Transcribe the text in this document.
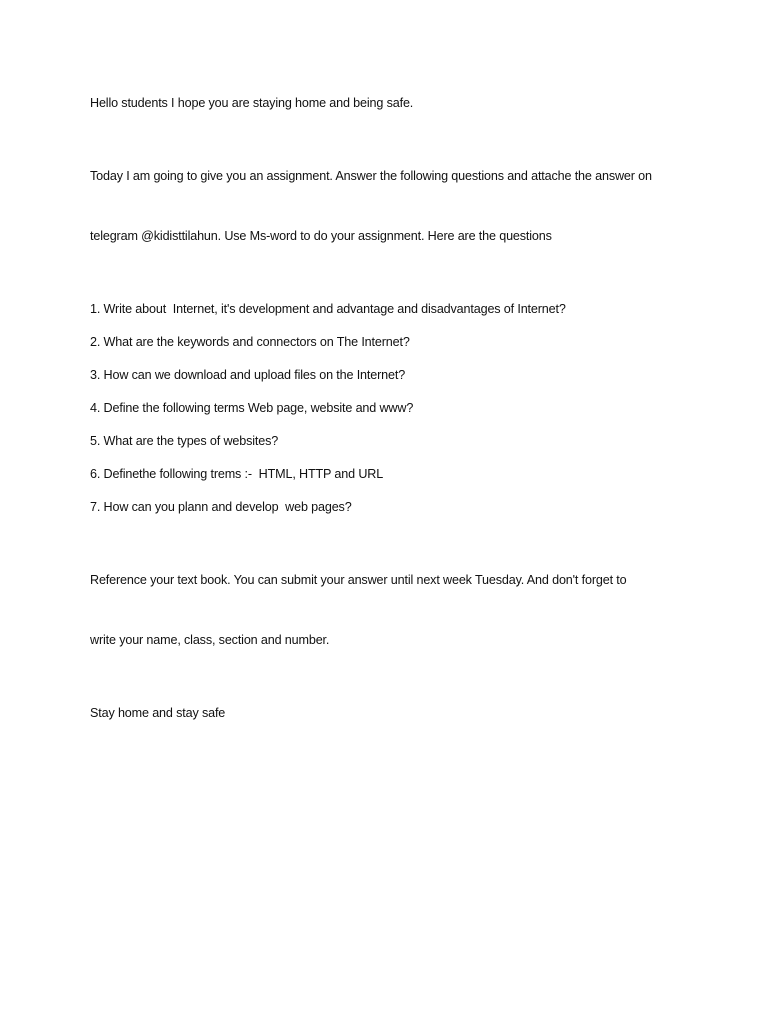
Hello students I hope you are staying home and being safe.

Today I am going to give you an assignment. Answer the following questions and attache the answer on

telegram @kidisttilahun. Use Ms-word to do your assignment. Here are the questions

1. Write about  Internet, it's development and advantage and disadvantages of Internet?

2. What are the keywords and connectors on The Internet?

3. How can we download and upload files on the Internet?

4. Define the following terms Web page, website and www?

5. What are the types of websites?

6. Definethe following trems :-  HTML, HTTP and URL

7. How can you plann and develop  web pages?

Reference your text book. You can submit your answer until next week Tuesday. And don't forget to

write your name, class, section and number.

Stay home and stay safe
